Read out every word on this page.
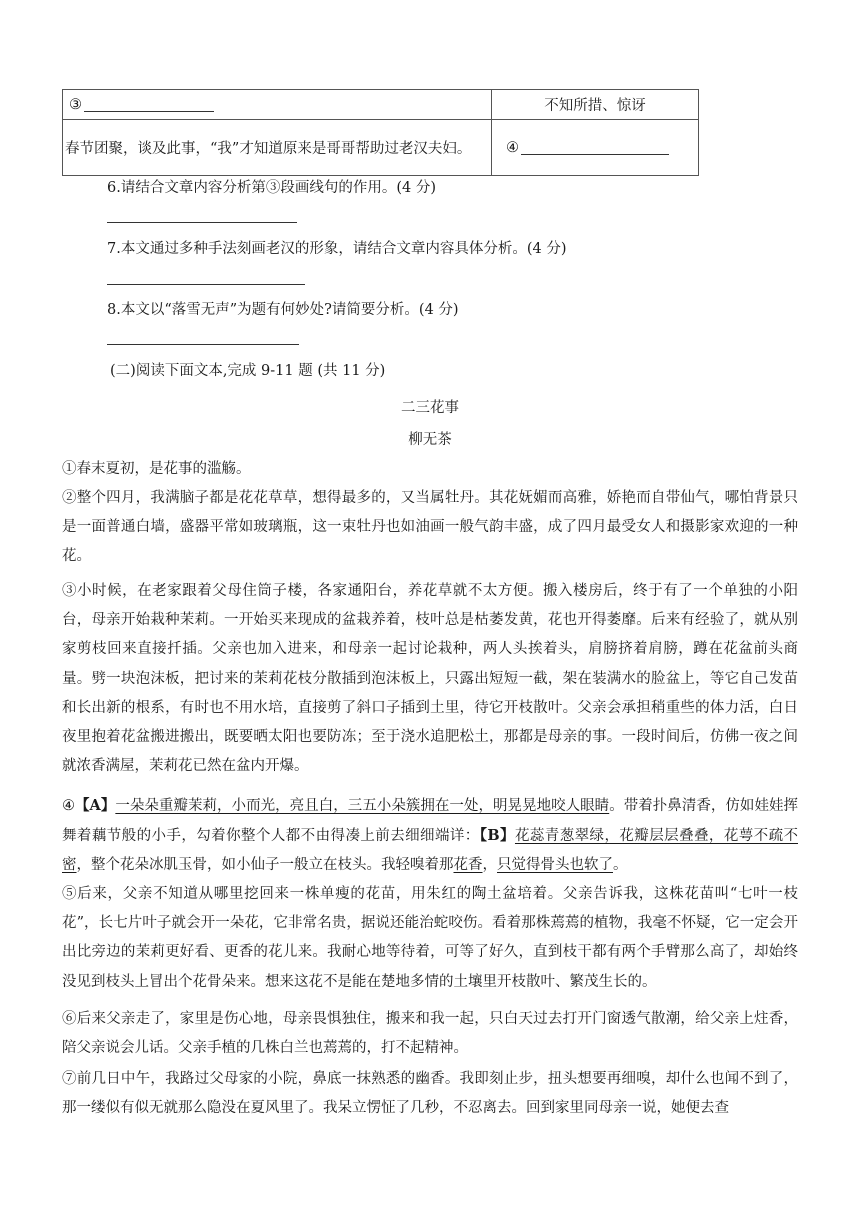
③	不知所措、惊讶
春节团聚，谈及此事，“我”才知道原来是哥哥帮助过老汉夫妇。	④
6.请结合文章内容分析第③段画线句的作用。(4 分)
7.本文通过多种手法刻画老汉的形象，请结合文章内容具体分析。(4 分)
8.本文以“落雪无声”为题有何妙处?请简要分析。(4 分)
(二)阅读下面文本,完成 9-11 题 (共 11 分)
二三花事
柳无茶
①春末夏初，是花事的滥觞。
②整个四月，我满脑子都是花花草草，想得最多的，又当属牡丹。其花妩媚而高雅，娇艳而自带仙气，哪怕背景只是一面普通白墙，盛器平常如玻璃瓶，这一束牡丹也如油画一般气韵丰盛，成了四月最受女人和摄影家欢迎的一种花。
③小时候，在老家跟着父母住筒子楼，各家通阳台，养花草就不太方便。搬入楼房后，终于有了一个单独的小阳台，母亲开始栽种茉莉。一开始买来现成的盆栽养着，枝叶总是枯萎发黄，花也开得萎靡。后来有经验了，就从别家剪枝回来直接扦插。父亲也加入进来，和母亲一起讨论栽种，两人头挨着头，肩膀挤着肩膀，蹲在花盆前头商量。劈一块泡沫板，把讨来的茉莉花枝分散插到泡沫板上，只露出短短一截，架在装满水的脸盆上，等它自己发苗和长出新的根系，有时也不用水培，直接剪了斜口子插到土里，待它开枝散叶。父亲会承担稍重些的体力活，白日夜里抱着花盆搬进搬出，既要晒太阳也要防冻；至于浇水追肥松土，那都是母亲的事。一段时间后，仿佛一夜之间就浓香满屋，茉莉花已然在盆内开爆。
④【A】一朵朵重瓣茉莉，小而光，亮且白，三五小朵簇拥在一处，明晃晃地咬人眼睛。带着扑鼻清香，仿如娃娃挥舞着藕节般的小手，勾着你整个人都不由得凑上前去细细端详：【B】花蕊青葱翠绿，花瓣层层叠叠，花萼不疏不密，整个花朵冰肌玉骨，如小仙子一般立在枝头。我轻嗅着那花香，只觉得骨头也软了。
⑤后来，父亲不知道从哪里挖回来一株单瘦的花苗，用朱红的陶土盆培着。父亲告诉我，这株花苗叫“七叶一枝花”，长七片叶子就会开一朵花，它非常名贵，据说还能治蛇咬伤。看着那株蔫蔫的植物，我毫不怀疑，它一定会开出比旁边的茉莉更好看、更香的花儿来。我耐心地等待着，可等了好久，直到枝干都有两个手臂那么高了，却始终没见到枝头上冒出个花骨朵来。想来这花不是能在楚地多情的土壤里开枝散叶、繁茂生长的。
⑥后来父亲走了，家里是伤心地，母亲畏惧独住，搬来和我一起，只白天过去打开门窗透气散潮，给父亲上炷香，陪父亲说会儿话。父亲手植的几株白兰也蔫蔫的，打不起精神。
⑦前几日中午，我路过父母家的小院，鼻底一抹熟悉的幽香。我即刻止步，扭头想要再细嗅，却什么也闻不到了，那一缕似有似无就那么隐没在夏风里了。我呆立愣怔了几秒，不忍离去。回到家里同母亲一说，她便去查
